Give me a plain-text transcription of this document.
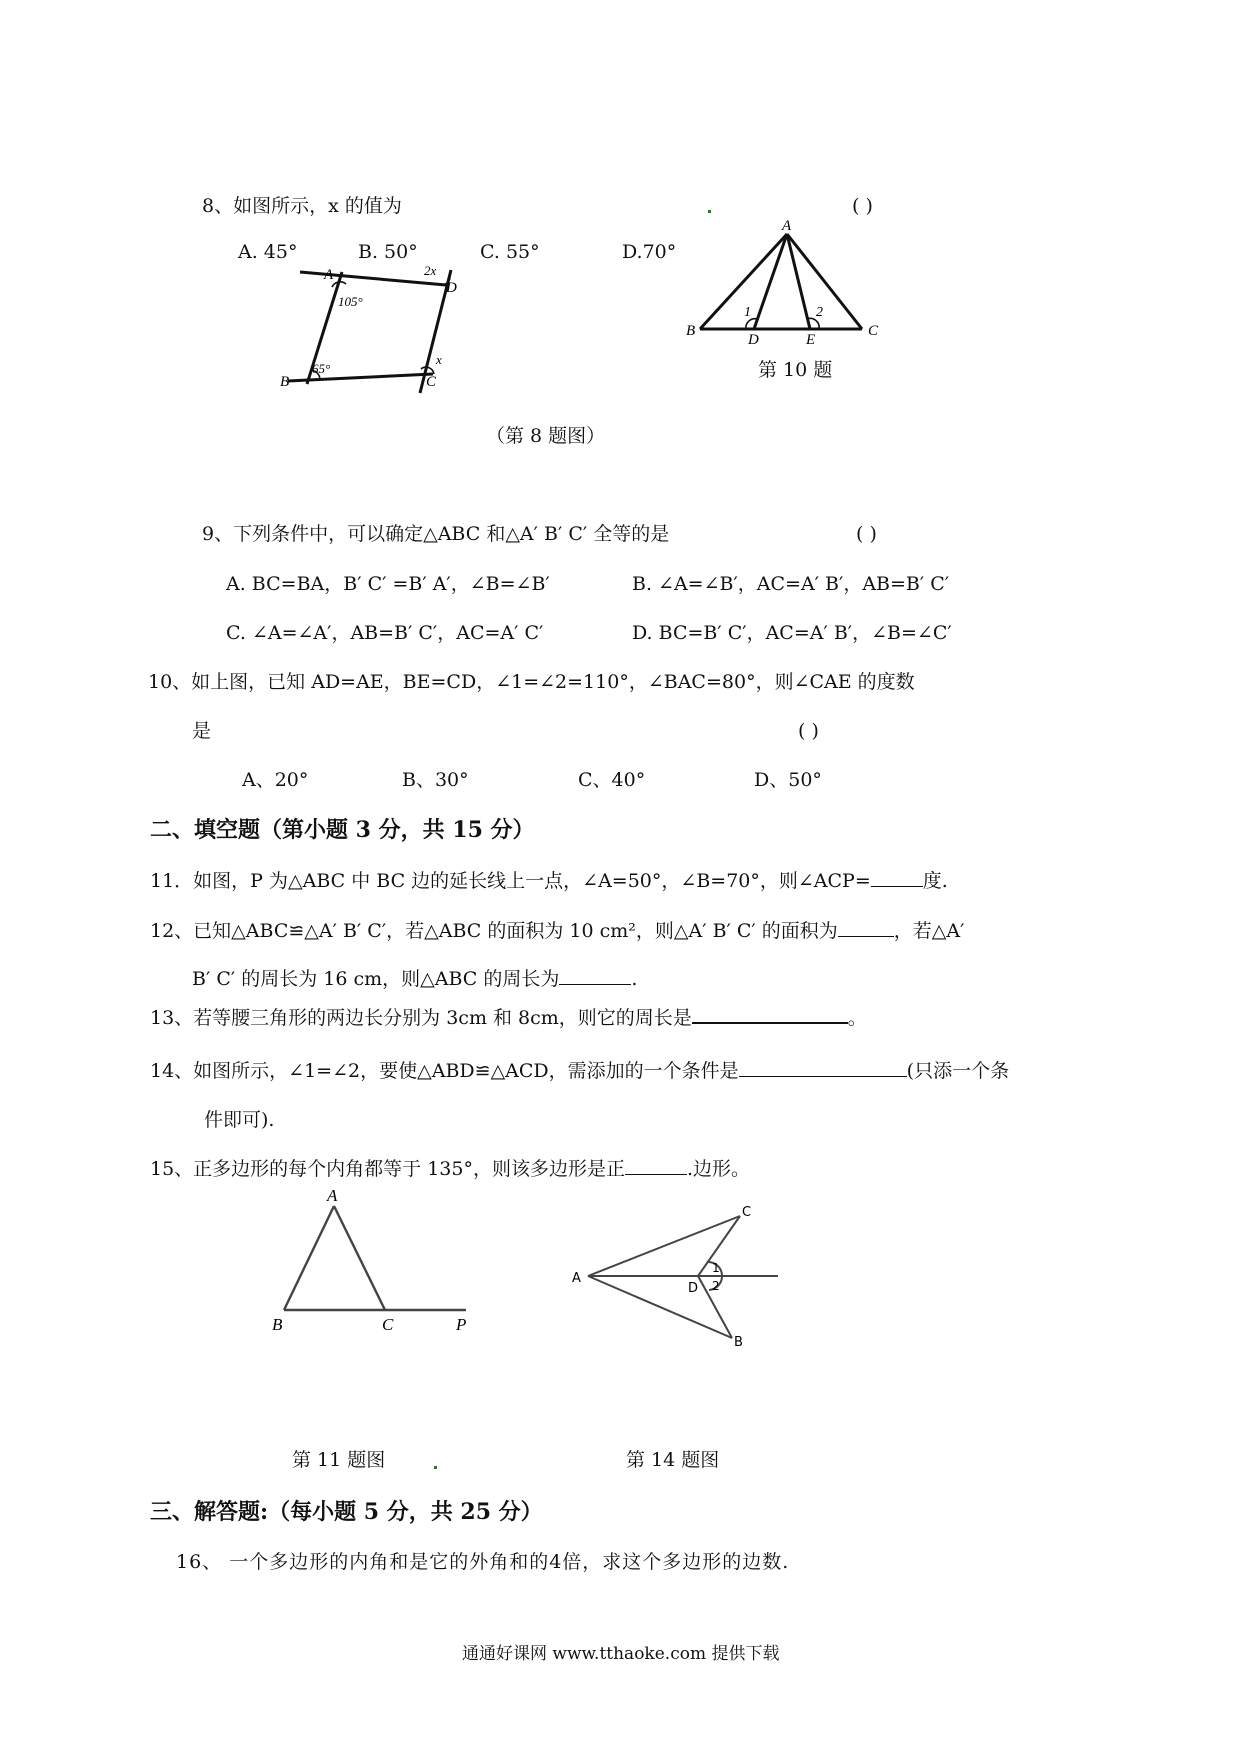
8、如图所示，x 的值为	( )
A. 45°	B. 50°	C. 55°	D.70°
A
D
B	C
105°
65°
2x
x
（第 8 题图）
A
B	C
D	E
1	2
第 10 题
9、下列条件中，可以确定△ABC 和△A′ B′ C′ 全等的是	( )
A. BC=BA，B′ C′ =B′ A′，∠B=∠B′	B. ∠A=∠B′，AC=A′ B′，AB=B′ C′
C. ∠A=∠A′，AB=B′ C′，AC=A′ C′	D. BC=B′ C′，AC=A′ B′，∠B=∠C′
10、如上图，已知 AD=AE，BE=CD，∠1=∠2=110°，∠BAC=80°，则∠CAE 的度数
是	( )
A、20°	B、30°	C、40°	D、50°
二、填空题（第小题 3 分，共 15 分）
11．如图，P 为△ABC 中 BC 边的延长线上一点，∠A=50°，∠B=70°，则∠ACP=	度.
12、已知△ABC≌△A′ B′ C′，若△ABC 的面积为 10 cm²，则△A′ B′ C′ 的面积为	，若△A′
B′ C′ 的周长为 16 cm，则△ABC 的周长为	.
13、若等腰三角形的两边长分别为 3cm 和 8cm，则它的周长是	。
14、如图所示，∠1=∠2，要使△ABD≌△ACD，需添加的一个条件是	(只添一个条
件即可).
15、正多边形的每个内角都等于 135°，则该多边形是正	.边形。
A
B	C	P
A
C
B
D
1
2
第 11 题图	第 14 题图
三、解答题:（每小题 5 分，共 25 分）
16、 一个多边形的内角和是它的外角和的4倍，求这个多边形的边数.
通通好课网 www.tthaoke.com 提供下载
